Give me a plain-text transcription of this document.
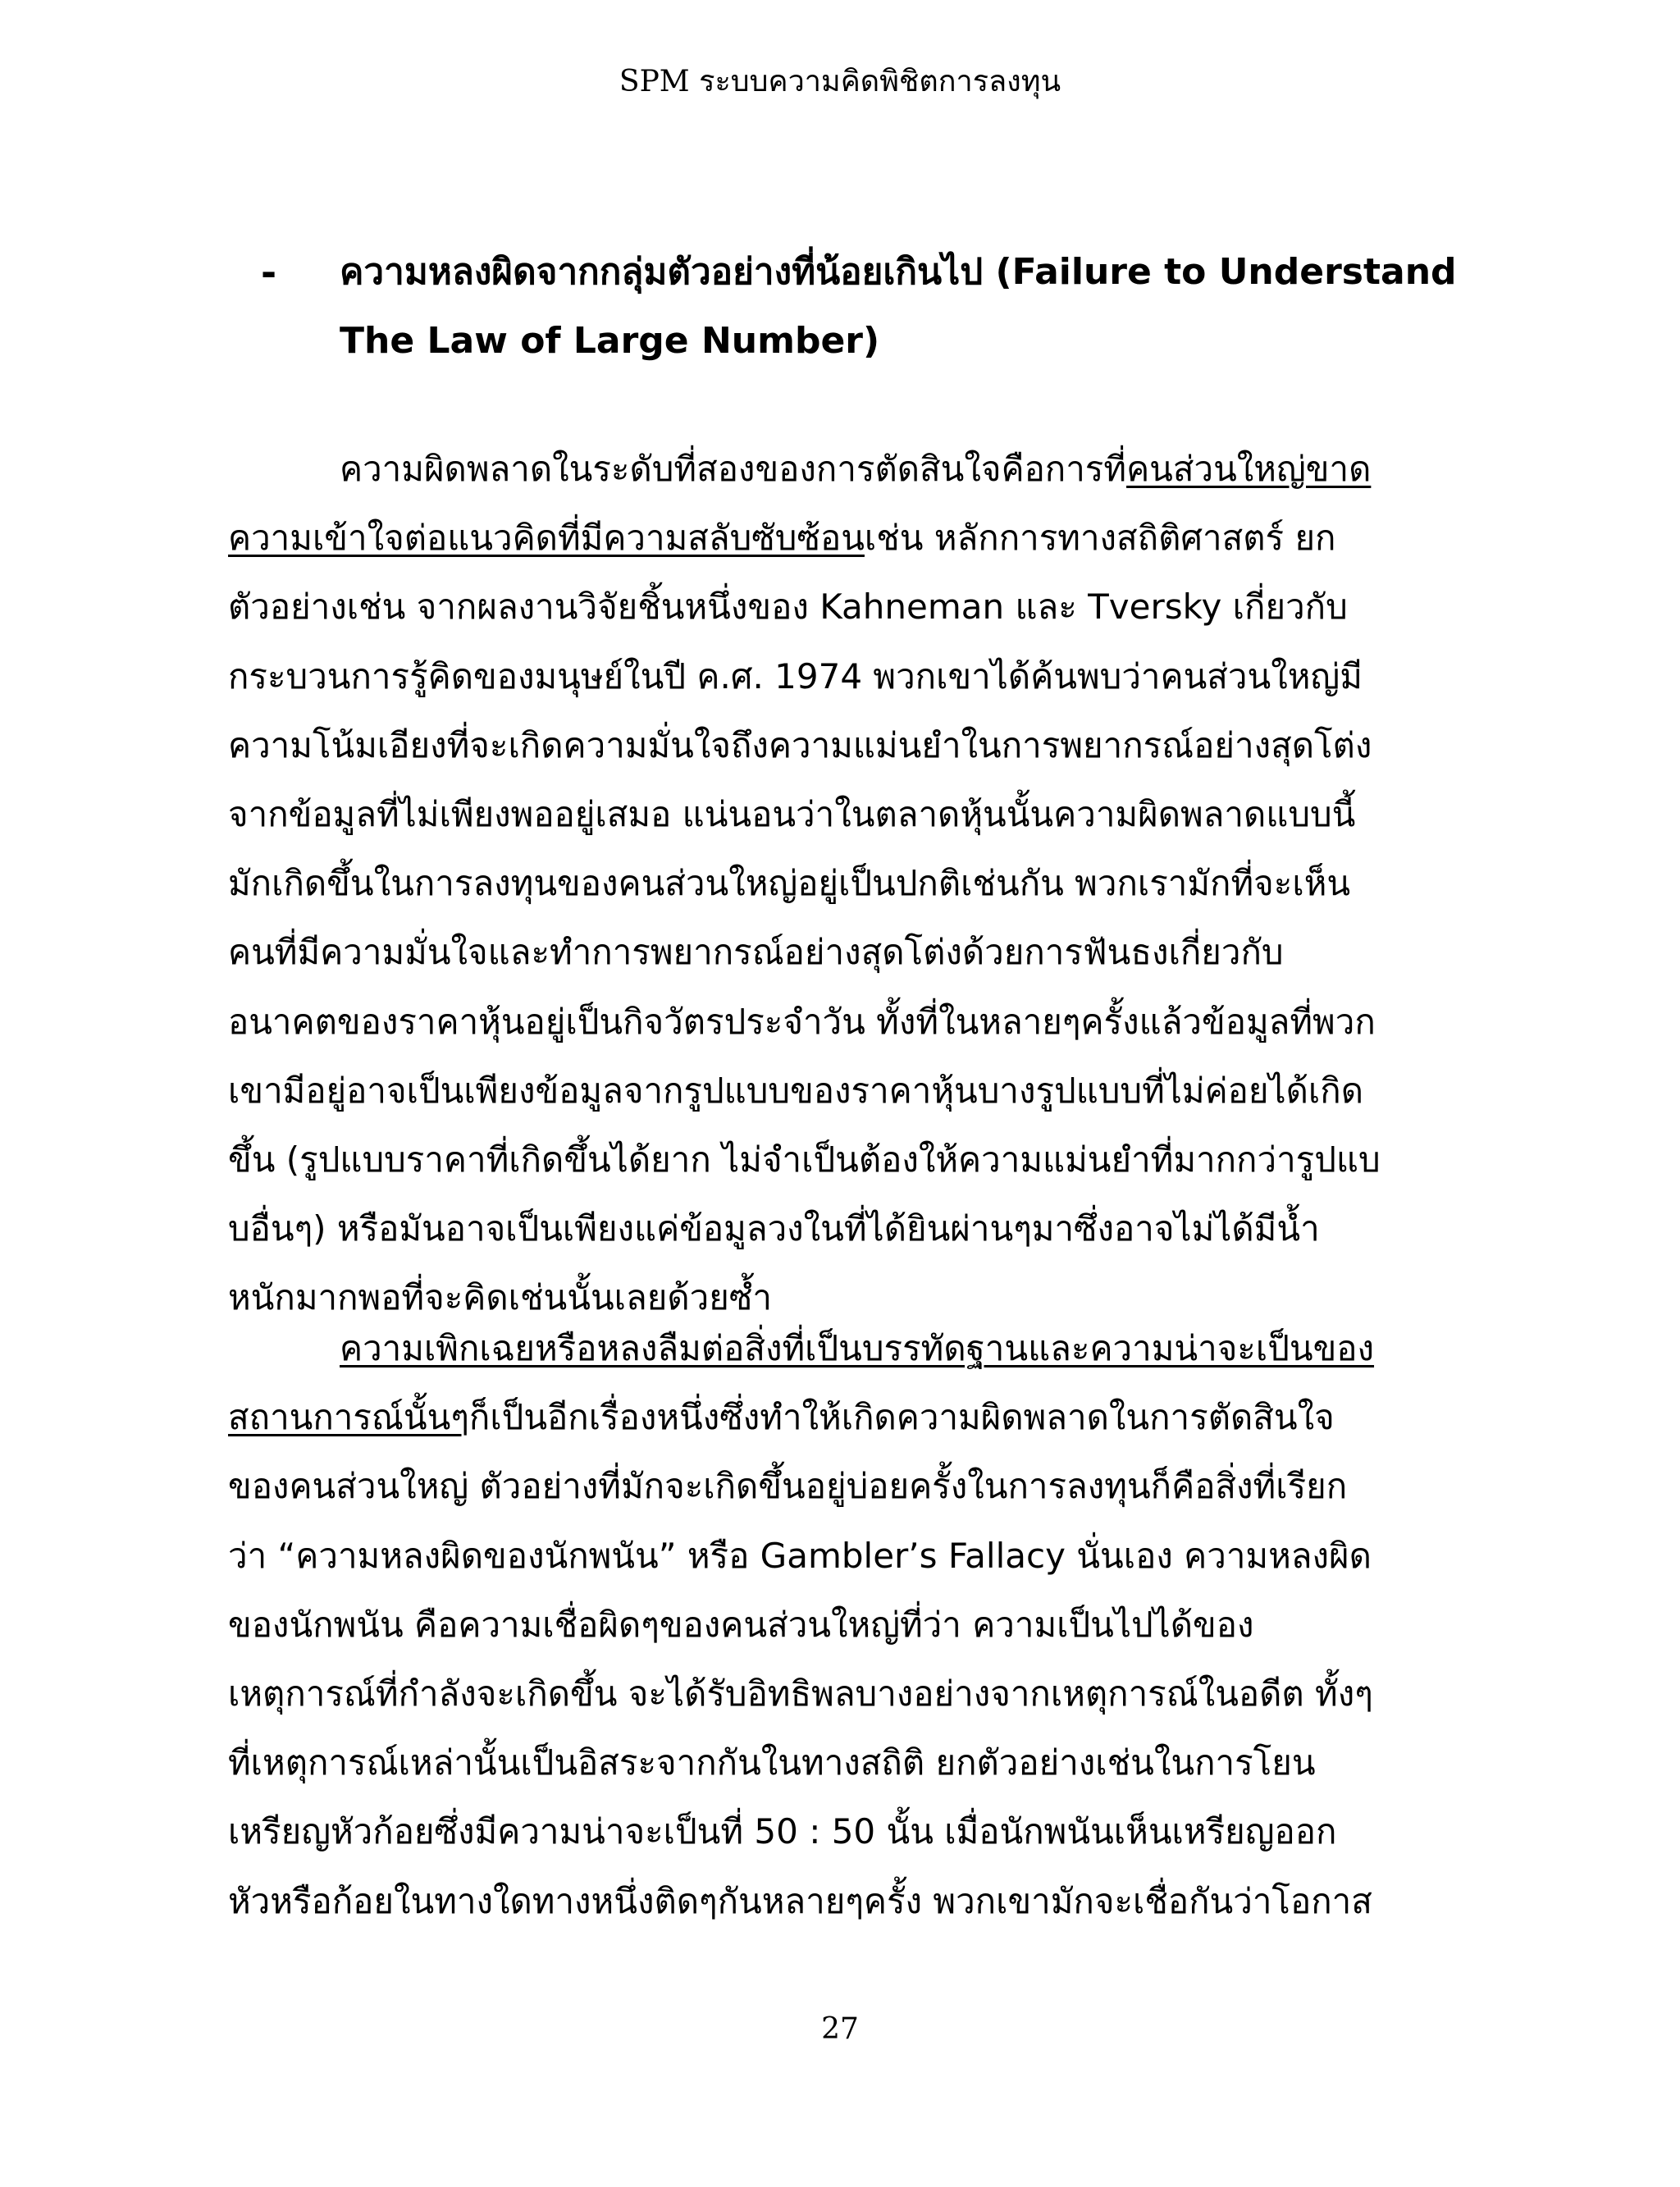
SPM ระบบความคิดพิชิตการลงทุน
- ความหลงผิดจากกลุ่มตัวอย่างที่น้อยเกินไป (Failure to Understand
The Law of Large Number)
ความผิดพลาดในระดับที่สองของการตัดสินใจคือการที่คนส่วนใหญ่ขาด
ความเข้าใจต่อแนวคิดที่มีความสลับซับซ้อนเช่น หลักการทางสถิติศาสตร์ ยก
ตัวอย่างเช่น จากผลงานวิจัยชิ้นหนึ่งของ Kahneman และ Tversky เกี่ยวกับ
กระบวนการรู้คิดของมนุษย์ในปี ค.ศ. 1974 พวกเขาได้ค้นพบว่าคนส่วนใหญ่มี
ความโน้มเอียงที่จะเกิดความมั่นใจถึงความแม่นยำในการพยากรณ์อย่างสุดโต่ง
จากข้อมูลที่ไม่เพียงพออยู่เสมอ แน่นอนว่าในตลาดหุ้นนั้นความผิดพลาดแบบนี้
มักเกิดขึ้นในการลงทุนของคนส่วนใหญ่อยู่เป็นปกติเช่นกัน พวกเรามักที่จะเห็น
คนที่มีความมั่นใจและทำการพยากรณ์อย่างสุดโต่งด้วยการฟันธงเกี่ยวกับ
อนาคตของราคาหุ้นอยู่เป็นกิจวัตรประจำวัน ทั้งที่ในหลายๆครั้งแล้วข้อมูลที่พวก
เขามีอยู่อาจเป็นเพียงข้อมูลจากรูปแบบของราคาหุ้นบางรูปแบบที่ไม่ค่อยได้เกิด
ขึ้น (รูปแบบราคาที่เกิดขึ้นได้ยาก ไม่จำเป็นต้องให้ความแม่นยำที่มากกว่ารูปแบ
บอื่นๆ) หรือมันอาจเป็นเพียงแค่ข้อมูลวงในที่ได้ยินผ่านๆมาซึ่งอาจไม่ได้มีน้ำ
หนักมากพอที่จะคิดเช่นนั้นเลยด้วยซ้ำ
ความเพิกเฉยหรือหลงลืมต่อสิ่งที่เป็นบรรทัดฐานและความน่าจะเป็นของ
สถานการณ์นั้นๆก็เป็นอีกเรื่องหนึ่งซึ่งทำให้เกิดความผิดพลาดในการตัดสินใจ
ของคนส่วนใหญ่ ตัวอย่างที่มักจะเกิดขึ้นอยู่บ่อยครั้งในการลงทุนก็คือสิ่งที่เรียก
ว่า “ความหลงผิดของนักพนัน” หรือ Gambler’s Fallacy นั่นเอง ความหลงผิด
ของนักพนัน คือความเชื่อผิดๆของคนส่วนใหญ่ที่ว่า ความเป็นไปได้ของ
เหตุการณ์ที่กำลังจะเกิดขึ้น จะได้รับอิทธิพลบางอย่างจากเหตุการณ์ในอดีต ทั้งๆ
ที่เหตุการณ์เหล่านั้นเป็นอิสระจากกันในทางสถิติ ยกตัวอย่างเช่นในการโยน
เหรียญหัวก้อยซึ่งมีความน่าจะเป็นที่ 50 : 50 นั้น เมื่อนักพนันเห็นเหรียญออก
หัวหรือก้อยในทางใดทางหนึ่งติดๆกันหลายๆครั้ง พวกเขามักจะเชื่อกันว่าโอกาส
27
